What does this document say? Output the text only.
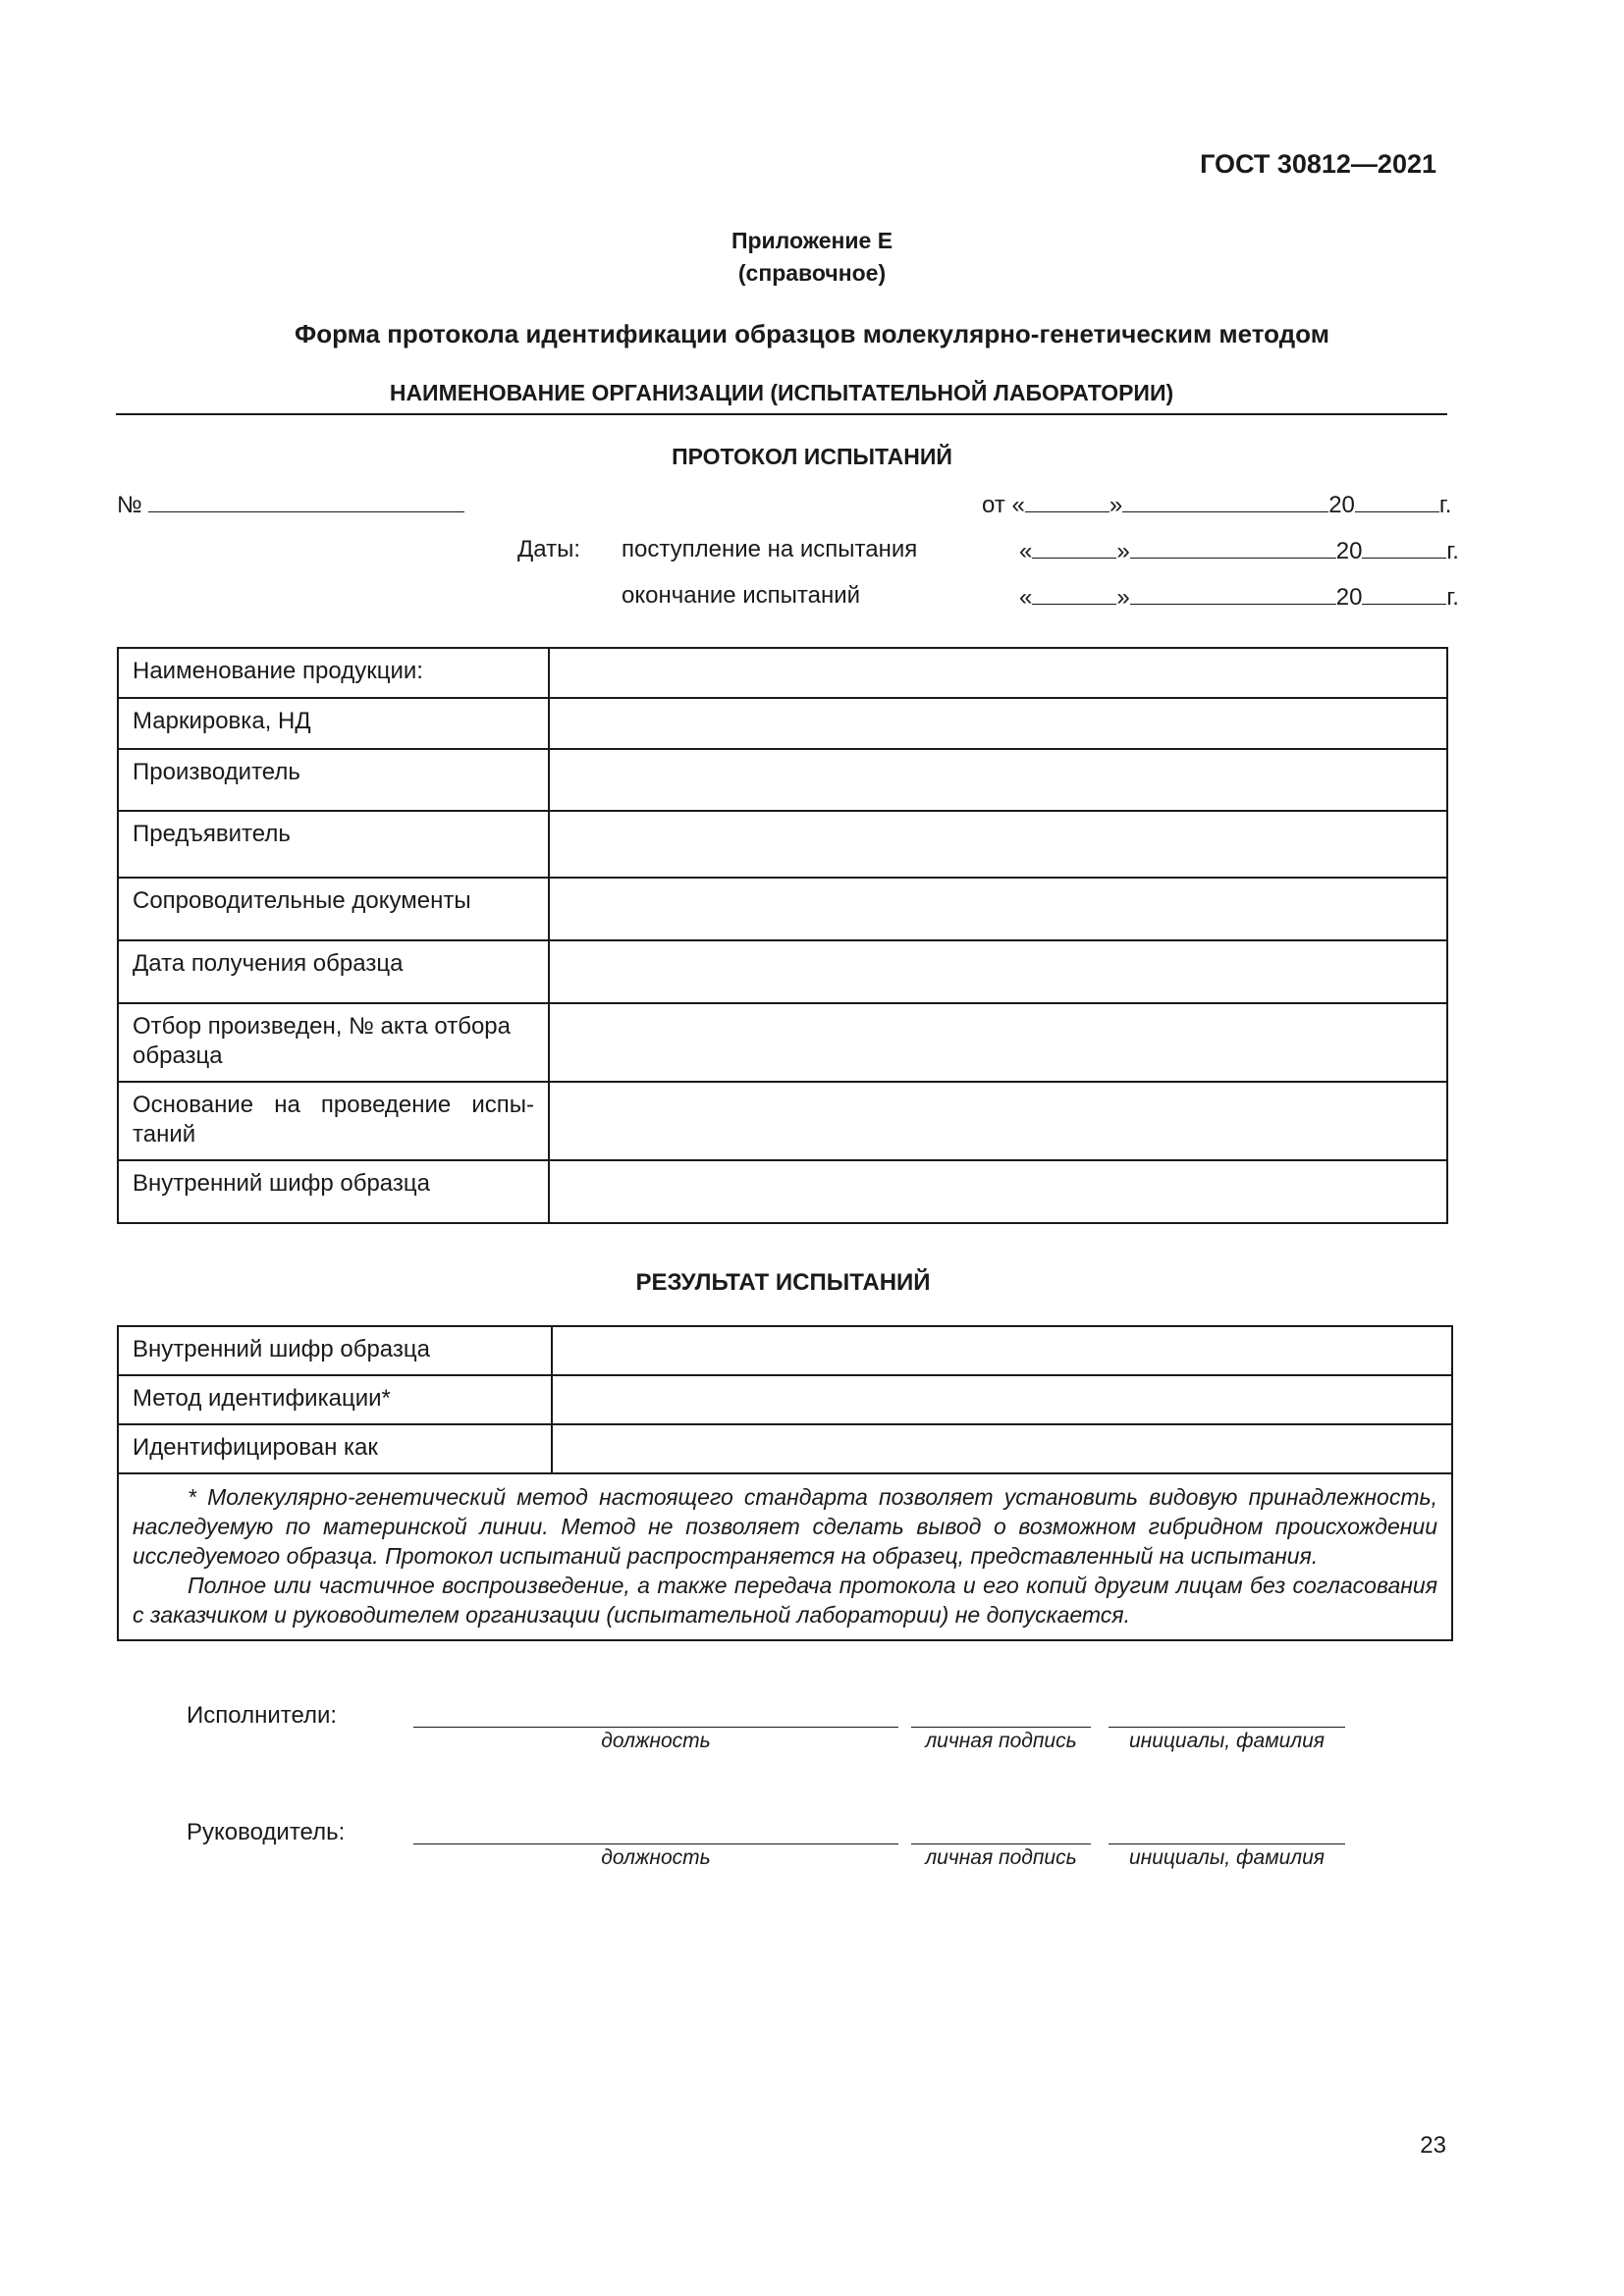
ГОСТ 30812—2021
Приложение Е
(справочное)
Форма протокола идентификации образцов молекулярно-генетическим методом
НАИМЕНОВАНИЕ ОРГАНИЗАЦИИ (ИСПЫТАТЕЛЬНОЙ ЛАБОРАТОРИИ)
ПРОТОКОЛ ИСПЫТАНИЙ
№	от «	»	20	г.
Даты: поступление на испытания	«	»	20	г.
окончание испытаний	«	»	20	г.
Наименование продукции:	
Маркировка, НД	
Производитель	
Предъявитель	
Сопроводительные документы	
Дата получения образца	
Отбор произведен, № акта отбора образца	
Основание на проведение испы-таний	
Внутренний шифр образца	
РЕЗУЛЬТАТ ИСПЫТАНИЙ
Внутренний шифр образца	
Метод идентификации*	
Идентифицирован как	

* Молекулярно-генетический метод настоящего стандарта позволяет установить видовую принадлежность, наследуемую по материнской линии. Метод не позволяет сделать вывод о возможном гибридном происхождении исследуемого образца. Протокол испытаний распространяется на образец, представленный на испытания.

Полное или частичное воспроизведение, а также передача протокола и его копий другим лицам без согласования с заказчиком и руководителем организации (испытательной лаборатории) не допускается.	

Исполнители:
должность	личная подпись	инициалы, фамилия
Руководитель:
должность	личная подпись	инициалы, фамилия
23
